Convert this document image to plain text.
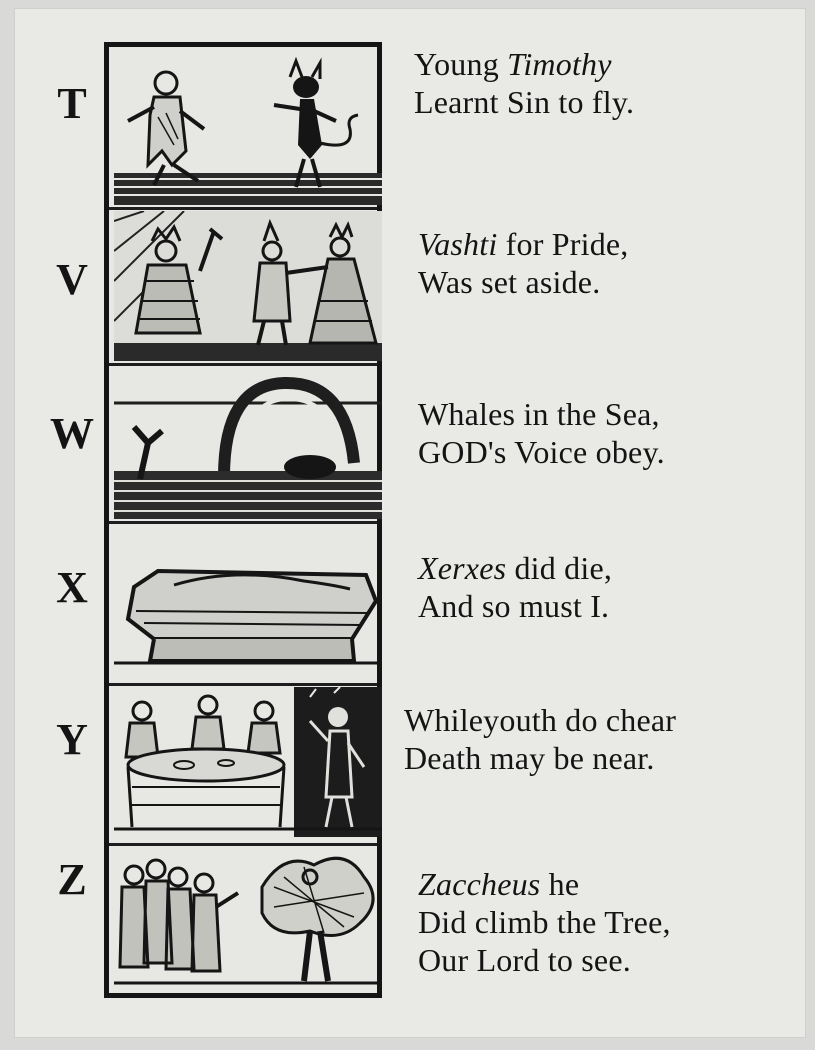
T
V
W
X
Y
Z
Young Timothy
Learnt Sin to fly.
Vashti for Pride,
Was set aside.
Whales in the Sea,
GOD's Voice obey.
Xerxes did die,
And so must I.
Whileyouth do chear
Death may be near.
Zaccheus he
Did climb the Tree,
Our Lord to see.
